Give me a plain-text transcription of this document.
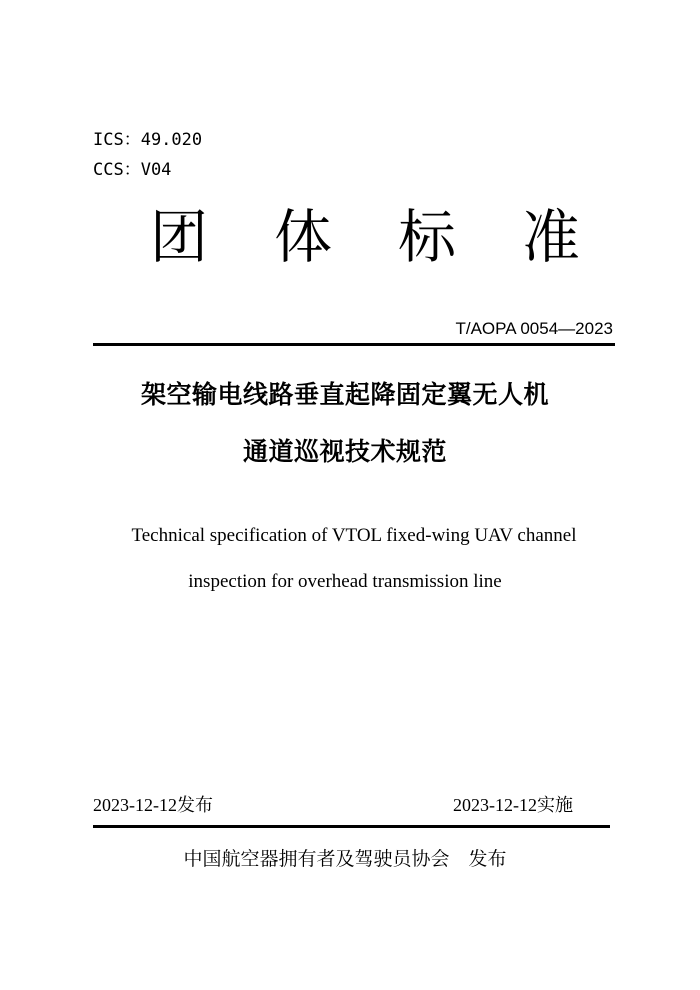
ICS：49.020
CCS：V04
团 体 标 准
T/AOPA 0054—2023
架空输电线路垂直起降固定翼无人机
通道巡视技术规范
Technical specification of VTOL fixed-wing UAV channel
inspection for overhead transmission line
2023-12-12发布	2023-12-12实施
中国航空器拥有者及驾驶员协会 发布
